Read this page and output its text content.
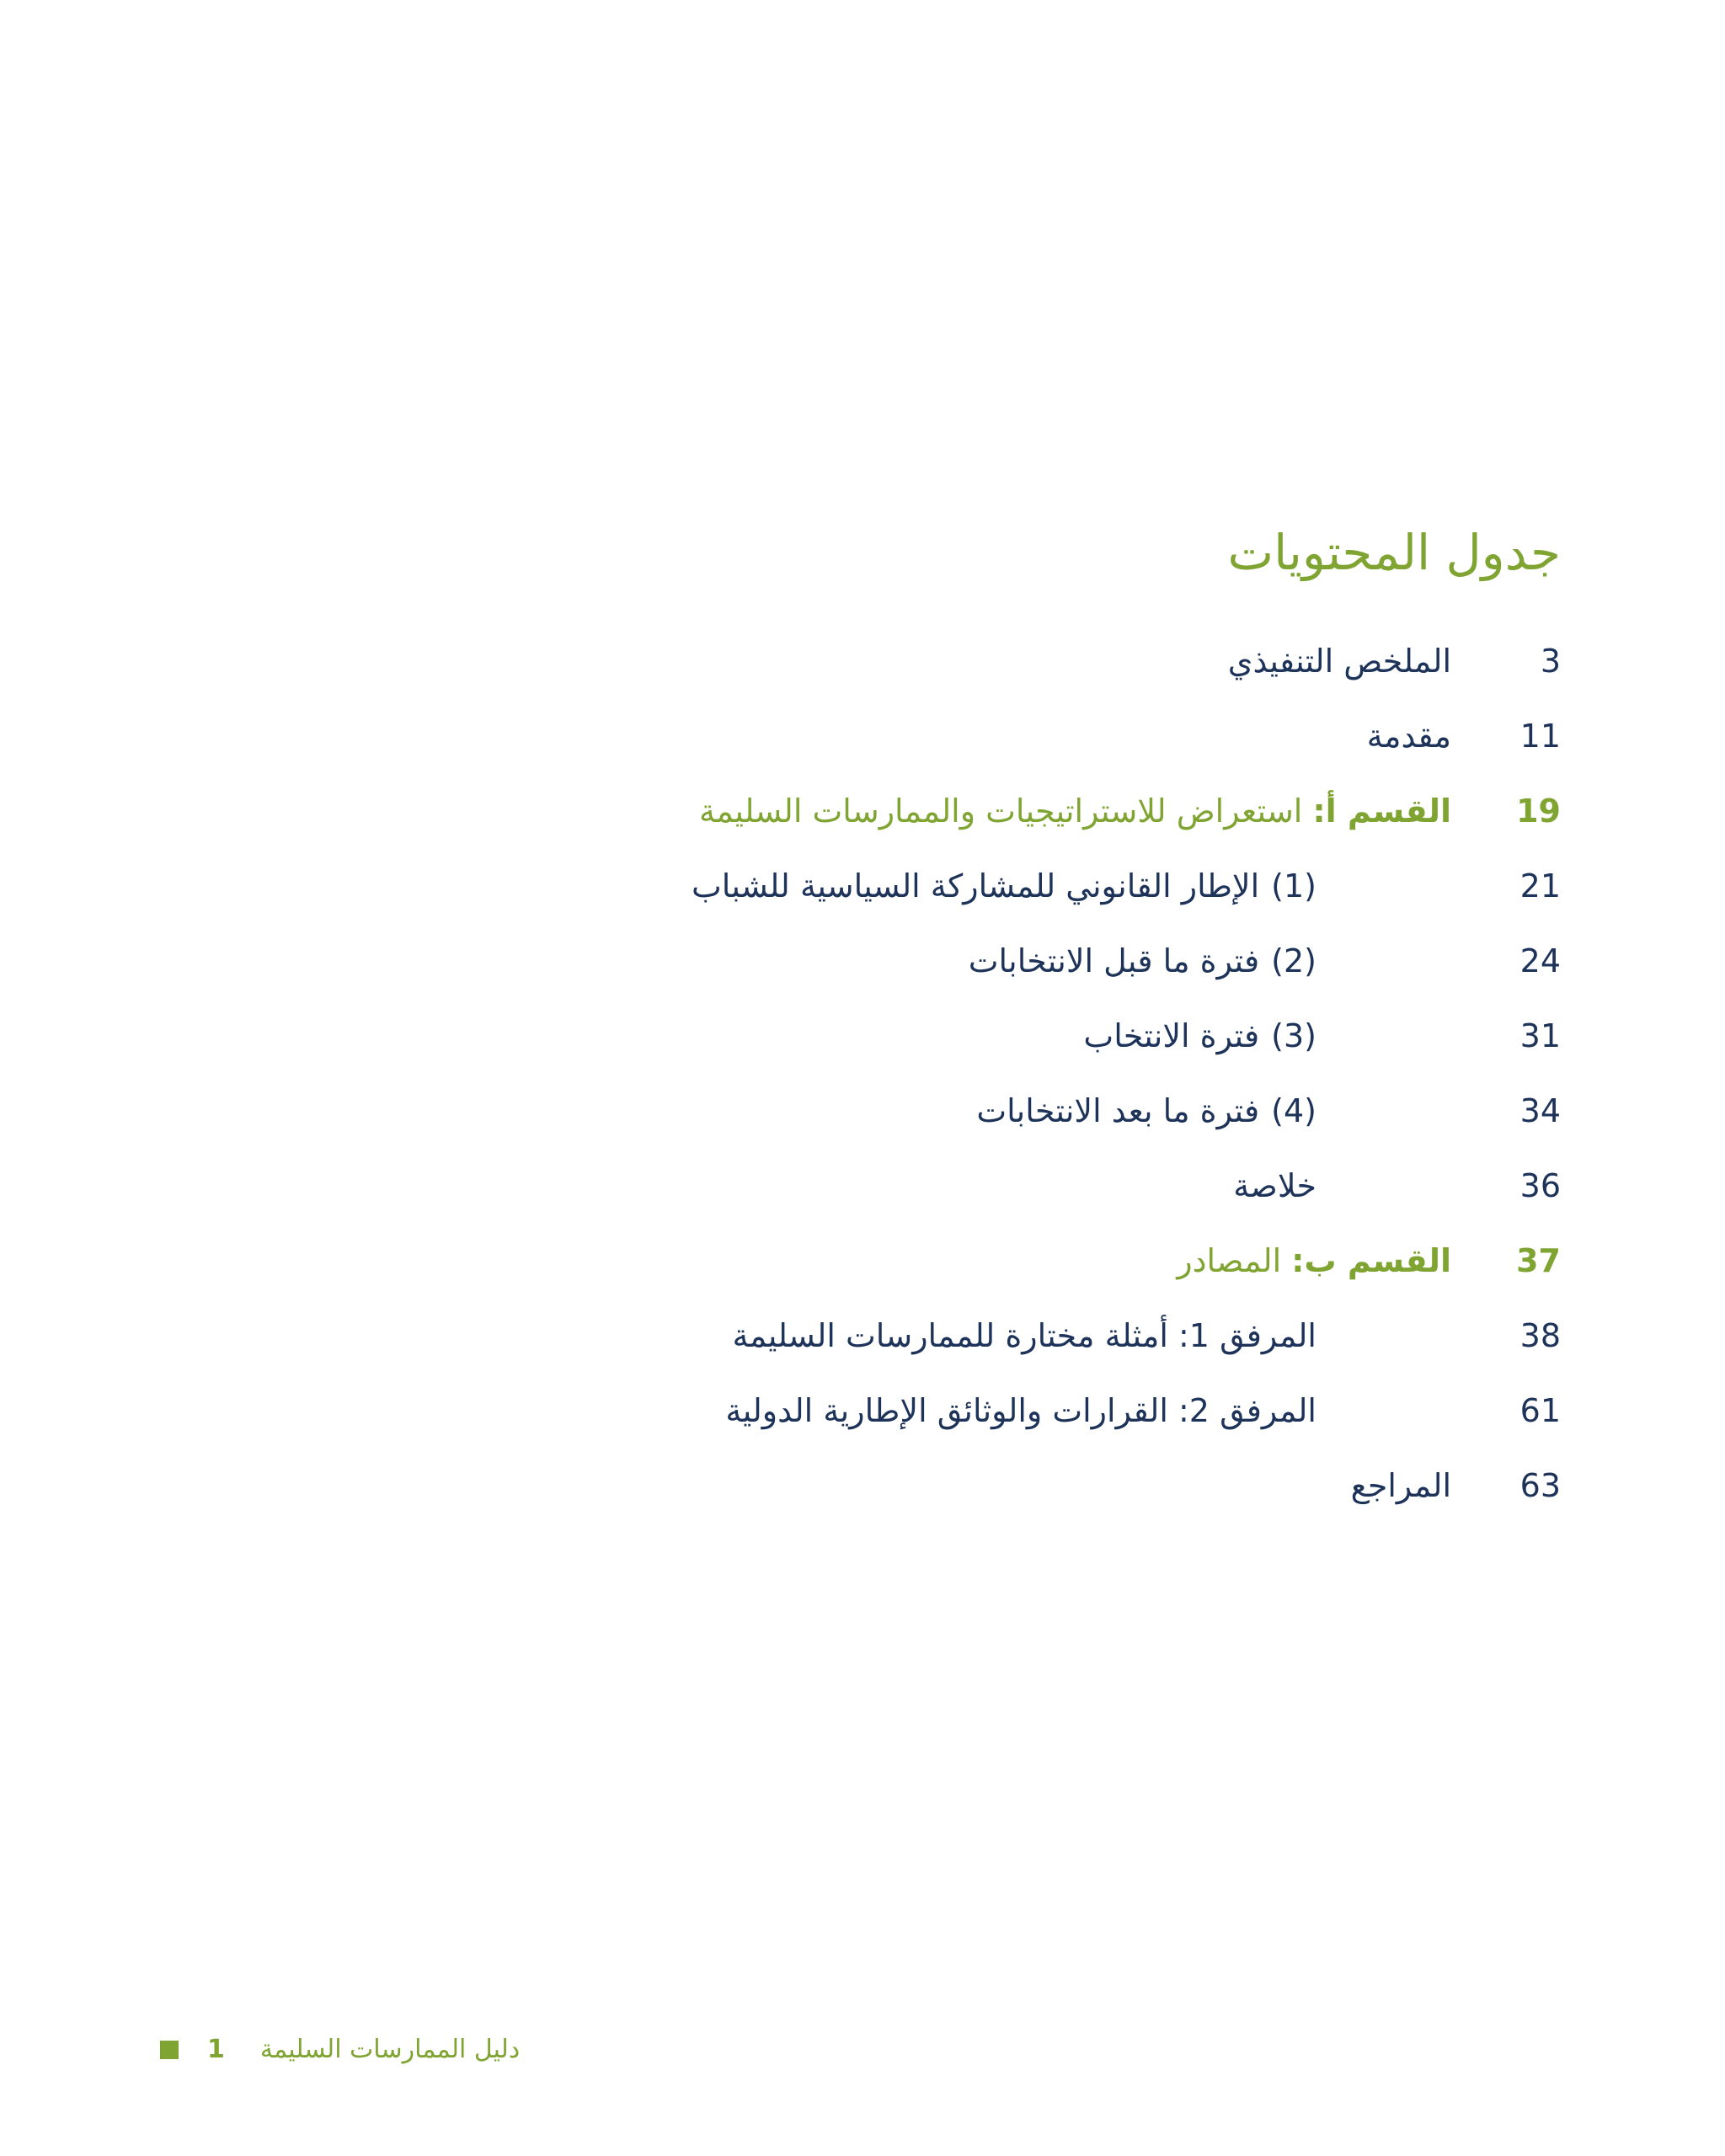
جدول المحتويات
3
الملخص التنفيذي
11
مقدمة
19
القسم أ: استعراض للاستراتيجيات والممارسات السليمة
21
(1)الإطار القانوني للمشاركة السياسية للشباب
24
(2)فترة ما قبل الانتخابات
31
(3)فترة الانتخاب
34
(4)فترة ما بعد الانتخابات
36
خلاصة
37
القسم ب: المصادر
38
المرفق 1: أمثلة مختارة للممارسات السليمة
61
المرفق 2: القرارات والوثائق الإطارية الدولية
63
المراجع
1 دليل الممارسات السليمة
